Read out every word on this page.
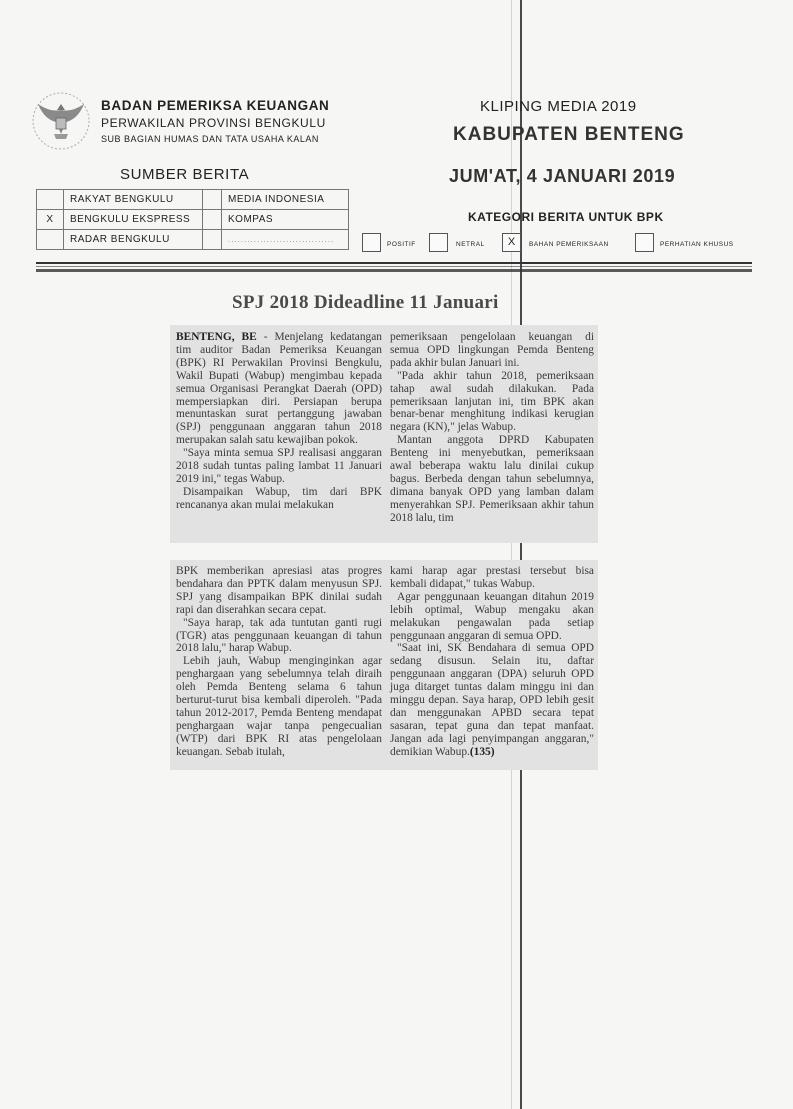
BADAN PEMERIKSA KEUANGAN
PERWAKILAN PROVINSI BENGKULU
SUB BAGIAN HUMAS DAN TATA USAHA KALAN
KLIPING MEDIA 2019
KABUPATEN BENTENG
JUM'AT, 4 JANUARI 2019
KATEGORI BERITA UNTUK BPK
SUMBER BERITA
	RAKYAT BENGKULU		MEDIA INDONESIA
X	BENGKULU EKSPRESS		KOMPAS
	RADAR BENGKULU		.................................
POSITIF	NETRAL	X	BAHAN PEMERIKSAAN	PERHATIAN KHUSUS
SPJ 2018 Dideadline 11 Januari

BENTENG, BE - Menjelang kedatangan tim auditor Badan Pemeriksa Keuangan (BPK) RI Perwakilan Provinsi Bengkulu, Wakil Bupati (Wabup) mengimbau kepada semua Organisasi Perangkat Daerah (OPD) mempersiapkan diri. Persiapan berupa menuntaskan surat pertanggung jawaban (SPJ) penggunaan anggaran tahun 2018 merupakan salah satu kewajiban pokok.

"Saya minta semua SPJ realisasi anggaran 2018 sudah tuntas paling lambat 11 Januari 2019 ini," tegas Wabup.

Disampaikan Wabup, tim dari BPK rencananya akan mulai melakukan

pemeriksaan pengelolaan keuangan di semua OPD lingkungan Pemda Benteng pada akhir bulan Januari ini.

"Pada akhir tahun 2018, pemeriksaan tahap awal sudah dilakukan. Pada pemeriksaan lanjutan ini, tim BPK akan benar-benar menghitung indikasi kerugian negara (KN)," jelas Wabup.

Mantan anggota DPRD Kabupaten Benteng ini menyebutkan, pemeriksaan awal beberapa waktu lalu dinilai cukup bagus. Berbeda dengan tahun sebelumnya, dimana banyak OPD yang lamban dalam menyerahkan SPJ. Pemeriksaan akhir tahun 2018 lalu, tim

BPK memberikan apresiasi atas progres bendahara dan PPTK dalam menyusun SPJ. SPJ yang disampaikan BPK dinilai sudah rapi dan diserahkan secara cepat.

"Saya harap, tak ada tuntutan ganti rugi (TGR) atas penggunaan keuangan di tahun 2018 lalu," harap Wabup.

Lebih jauh, Wabup menginginkan agar penghargaan yang sebelumnya telah diraih oleh Pemda Benteng selama 6 tahun berturut-turut bisa kembali diperoleh. "Pada tahun 2012-2017, Pemda Benteng mendapat penghargaan wajar tanpa pengecualian (WTP) dari BPK RI atas pengelolaan keuangan. Sebab itulah,

kami harap agar prestasi tersebut bisa kembali didapat," tukas Wabup.

Agar penggunaan keuangan ditahun 2019 lebih optimal, Wabup mengaku akan melakukan pengawalan pada setiap penggunaan anggaran di semua OPD.

"Saat ini, SK Bendahara di semua OPD sedang disusun. Selain itu, daftar penggunaan anggaran (DPA) seluruh OPD juga ditarget tuntas dalam minggu ini dan minggu depan. Saya harap, OPD lebih gesit dan menggunakan APBD secara tepat sasaran, tepat guna dan tepat manfaat. Jangan ada lagi penyimpangan anggaran," demikian Wabup.(135)
